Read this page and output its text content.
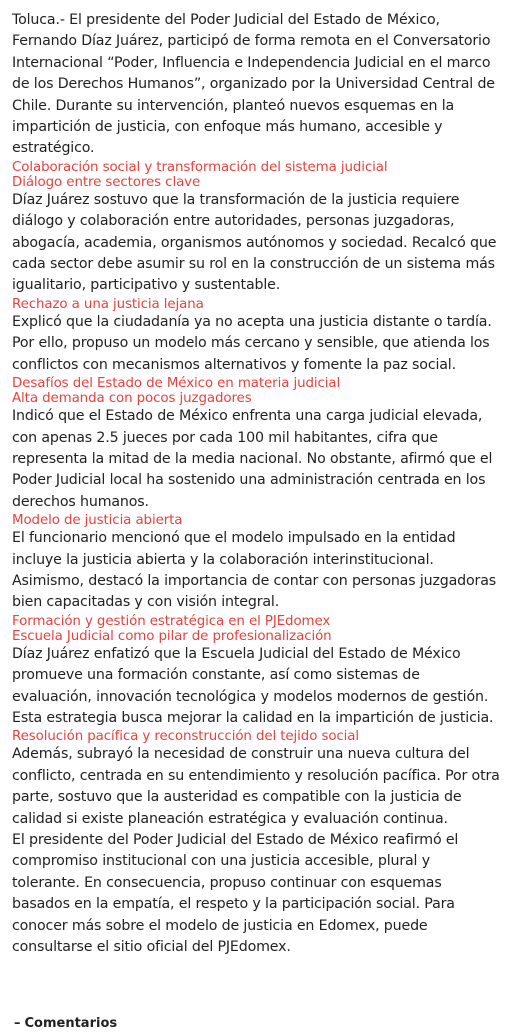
Toluca.- El presidente del Poder Judicial del Estado de México, Fernando Díaz Juárez, participó de forma remota en el Conversatorio Internacional “Poder, Influencia e Independencia Judicial en el marco de los Derechos Humanos”, organizado por la Universidad Central de Chile. Durante su intervención, planteó nuevos esquemas en la impartición de justicia, con enfoque más humano, accesible y estratégico.

Colaboración social y transformación del sistema judicial
Diálogo entre sectores clave

Díaz Juárez sostuvo que la transformación de la justicia requiere diálogo y colaboración entre autoridades, personas juzgadoras, abogacía, academia, organismos autónomos y sociedad. Recalcó que cada sector debe asumir su rol en la construcción de un sistema más igualitario, participativo y sustentable.

Rechazo a una justicia lejana

Explicó que la ciudadanía ya no acepta una justicia distante o tardía. Por ello, propuso un modelo más cercano y sensible, que atienda los conflictos con mecanismos alternativos y fomente la paz social.

Desafíos del Estado de México en materia judicial
Alta demanda con pocos juzgadores

Indicó que el Estado de México enfrenta una carga judicial elevada, con apenas 2.5 jueces por cada 100 mil habitantes, cifra que representa la mitad de la media nacional. No obstante, afirmó que el Poder Judicial local ha sostenido una administración centrada en los derechos humanos.

Modelo de justicia abierta

El funcionario mencionó que el modelo impulsado en la entidad incluye la justicia abierta y la colaboración interinstitucional. Asimismo, destacó la importancia de contar con personas juzgadoras bien capacitadas y con visión integral.

Formación y gestión estratégica en el PJEdomex
Escuela Judicial como pilar de profesionalización

Díaz Juárez enfatizó que la Escuela Judicial del Estado de México promueve una formación constante, así como sistemas de evaluación, innovación tecnológica y modelos modernos de gestión. Esta estrategia busca mejorar la calidad en la impartición de justicia.

Resolución pacífica y reconstrucción del tejido social

Además, subrayó la necesidad de construir una nueva cultura del conflicto, centrada en su entendimiento y resolución pacífica. Por otra parte, sostuvo que la austeridad es compatible con la justicia de calidad si existe planeación estratégica y evaluación continua.

El presidente del Poder Judicial del Estado de México reafirmó el compromiso institucional con una justicia accesible, plural y tolerante. En consecuencia, propuso continuar con esquemas basados en la empatía, el respeto y la participación social. Para conocer más sobre el modelo de justicia en Edomex, puede consultarse el sitio oficial del PJEdomex.

– Comentarios
